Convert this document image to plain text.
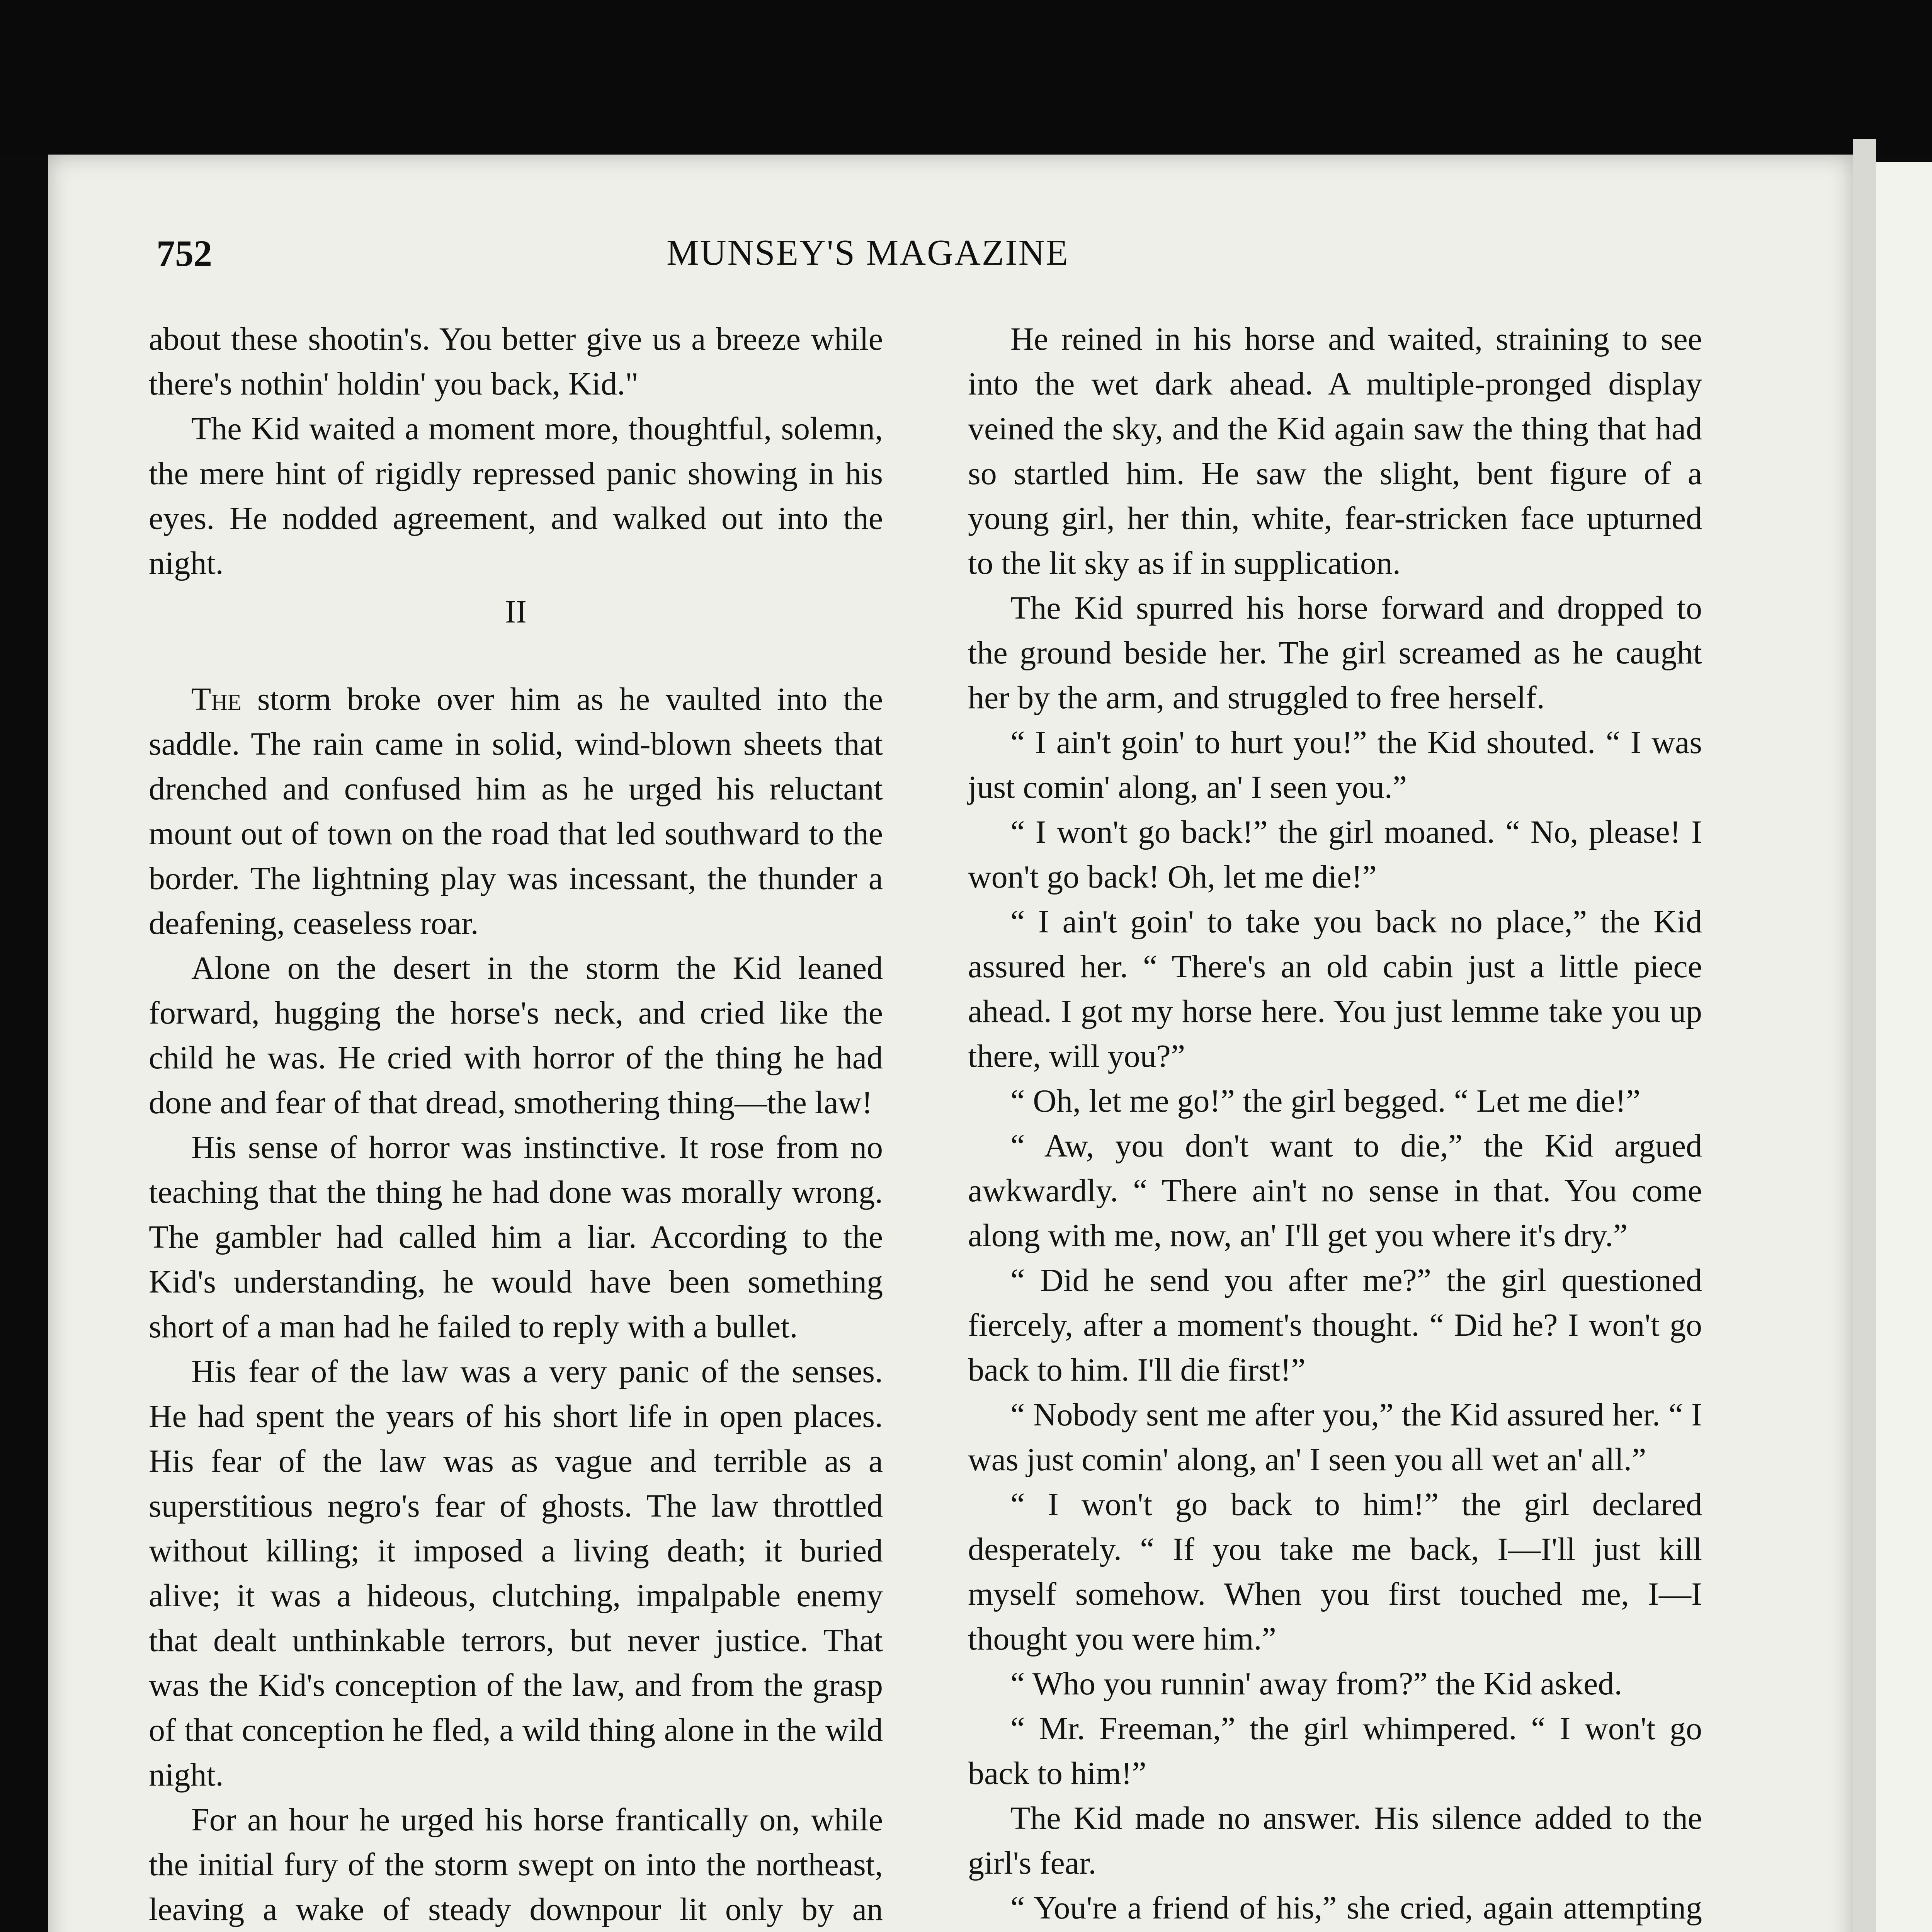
752	MUNSEY'S MAGAZINE

about these shootin's. You better give us a breeze while there's nothin' holdin' you back, Kid."

The Kid waited a moment more, thoughtful, solemn, the mere hint of rigidly repressed panic showing in his eyes. He nodded agreement, and walked out into the night.

II

The storm broke over him as he vaulted into the saddle. The rain came in solid, wind-blown sheets that drenched and confused him as he urged his reluctant mount out of town on the road that led southward to the border. The lightning play was incessant, the thunder a deafening, ceaseless roar.

Alone on the desert in the storm the Kid leaned forward, hugging the horse's neck, and cried like the child he was. He cried with horror of the thing he had done and fear of that dread, smothering thing—the law!

His sense of horror was instinctive. It rose from no teaching that the thing he had done was morally wrong. The gambler had called him a liar. According to the Kid's understanding, he would have been something short of a man had he failed to reply with a bullet.

His fear of the law was a very panic of the senses. He had spent the years of his short life in open places. His fear of the law was as vague and terrible as a superstitious negro's fear of ghosts. The law throttled without killing; it imposed a living death; it buried alive; it was a hideous, clutching, impalpable enemy that dealt unthinkable terrors, but never justice. That was the Kid's conception of the law, and from the grasp of that conception he fled, a wild thing alone in the wild night.

For an hour he urged his horse frantically on, while the initial fury of the storm swept on into the northeast, leaving a wake of steady downpour lit only by an

He reined in his horse and waited, straining to see into the wet dark ahead. A multiple-pronged display veined the sky, and the Kid again saw the thing that had so startled him. He saw the slight, bent figure of a young girl, her thin, white, fear-stricken face upturned to the lit sky as if in supplication.

The Kid spurred his horse forward and dropped to the ground beside her. The girl screamed as he caught her by the arm, and struggled to free herself.

“ I ain't goin' to hurt you!” the Kid shouted. “ I was just comin' along, an' I seen you.”

“ I won't go back!” the girl moaned. “ No, please! I won't go back! Oh, let me die!”

“ I ain't goin' to take you back no place,” the Kid assured her. “ There's an old cabin just a little piece ahead. I got my horse here. You just lemme take you up there, will you?”

“ Oh, let me go!” the girl begged. “ Let me die!”

“ Aw, you don't want to die,” the Kid argued awkwardly. “ There ain't no sense in that. You come along with me, now, an' I'll get you where it's dry.”

“ Did he send you after me?” the girl questioned fiercely, after a moment's thought. “ Did he? I won't go back to him. I'll die first!”

“ Nobody sent me after you,” the Kid assured her. “ I was just comin' along, an' I seen you all wet an' all.”

“ I won't go back to him!” the girl declared desperately. “ If you take me back, I—I'll just kill myself somehow. When you first touched me, I—I thought you were him.”

“ Who you runnin' away from?” the Kid asked.

“ Mr. Freeman,” the girl whimpered. “ I won't go back to him!”

The Kid made no answer. His silence added to the girl's fear.

“ You're a friend of his,” she cried, again attempting
